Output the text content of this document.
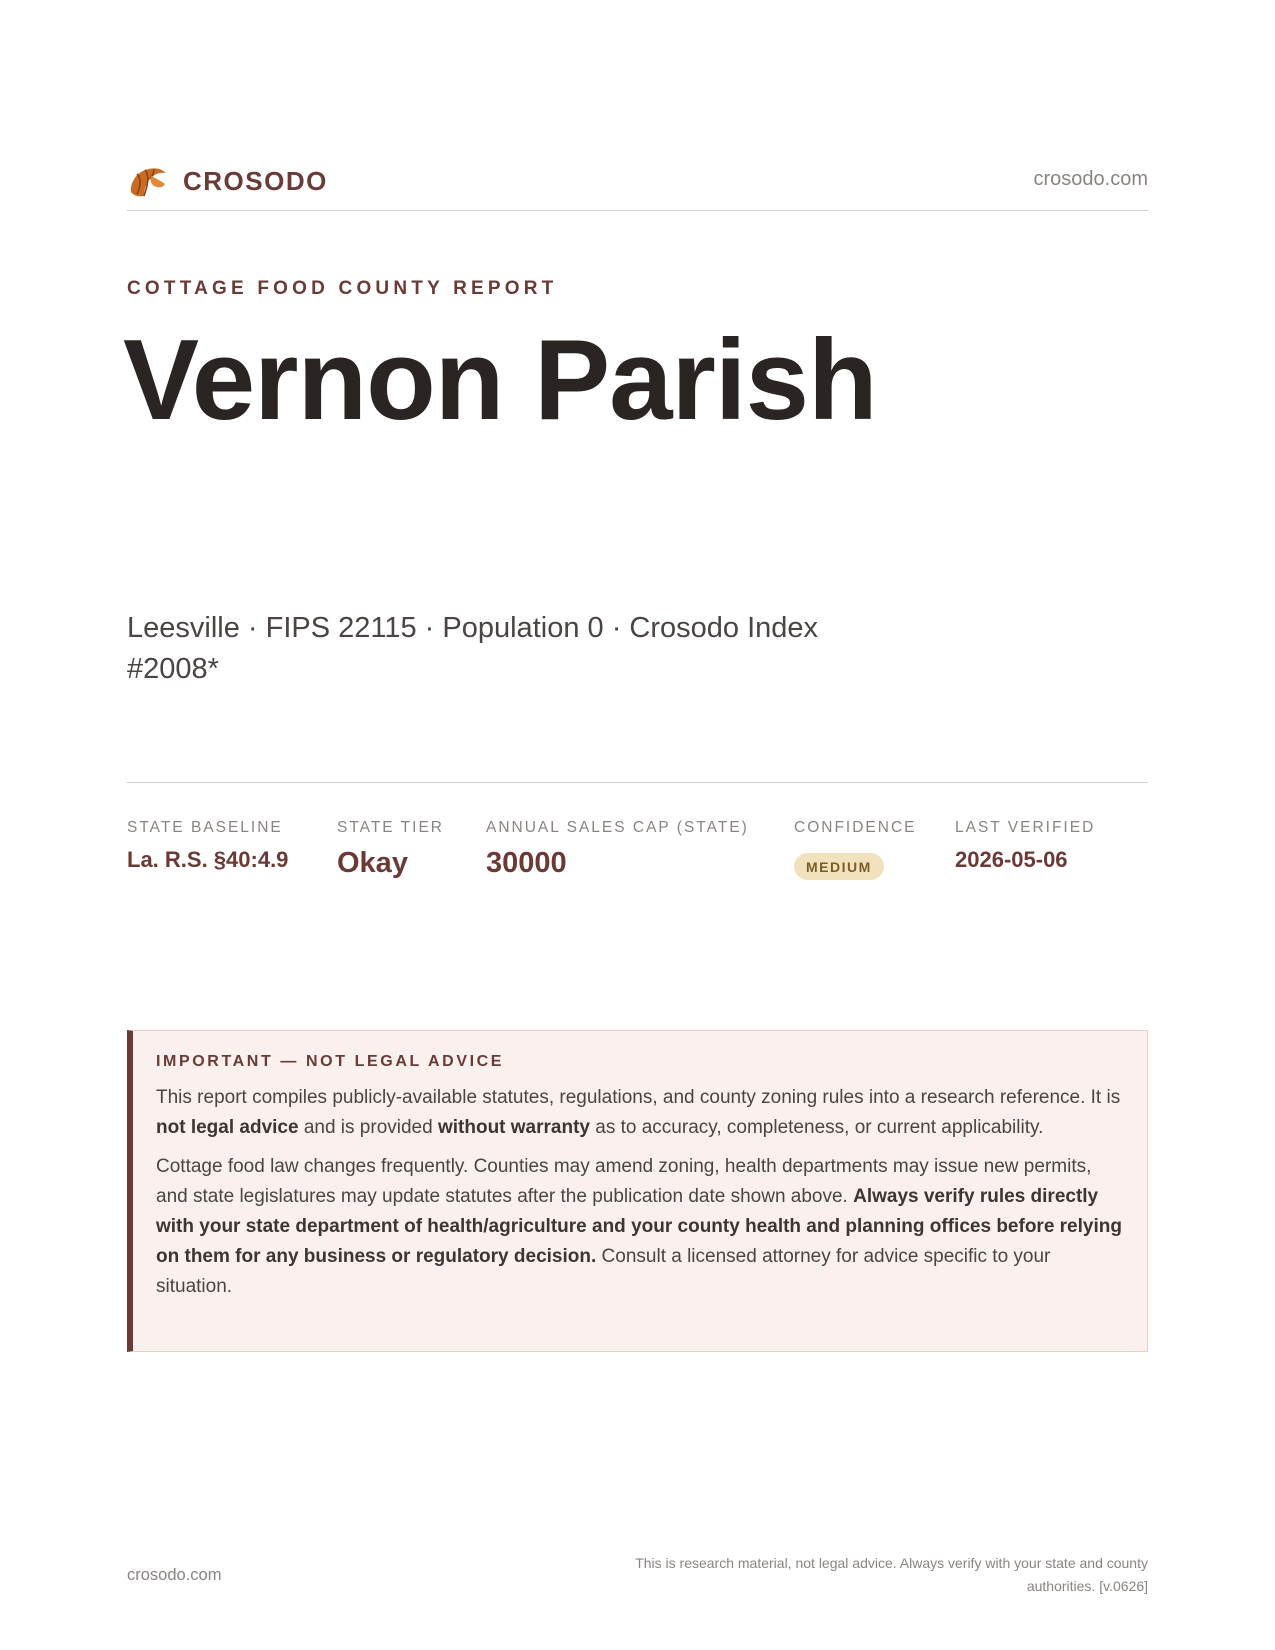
CROSODO	crosodo.com
COTTAGE FOOD COUNTY REPORT
Vernon Parish
Leesville · FIPS 22115 · Population 0 · Crosodo Index #2008*
STATE BASELINE
La. R.S. §40:4.9
STATE TIER
Okay
ANNUAL SALES CAP (STATE)
30000
CONFIDENCE
MEDIUM
LAST VERIFIED
2026-05-06
IMPORTANT — NOT LEGAL ADVICE

This report compiles publicly-available statutes, regulations, and county zoning rules into a research reference. It is not legal advice and is provided without warranty as to accuracy, completeness, or current applicability.

Cottage food law changes frequently. Counties may amend zoning, health departments may issue new permits, and state legislatures may update statutes after the publication date shown above. Always verify rules directly with your state department of health/agriculture and your county health and planning offices before relying on them for any business or regulatory decision. Consult a licensed attorney for advice specific to your situation.

crosodo.com
This is research material, not legal advice. Always verify with your state and county authorities. [v.0626]
